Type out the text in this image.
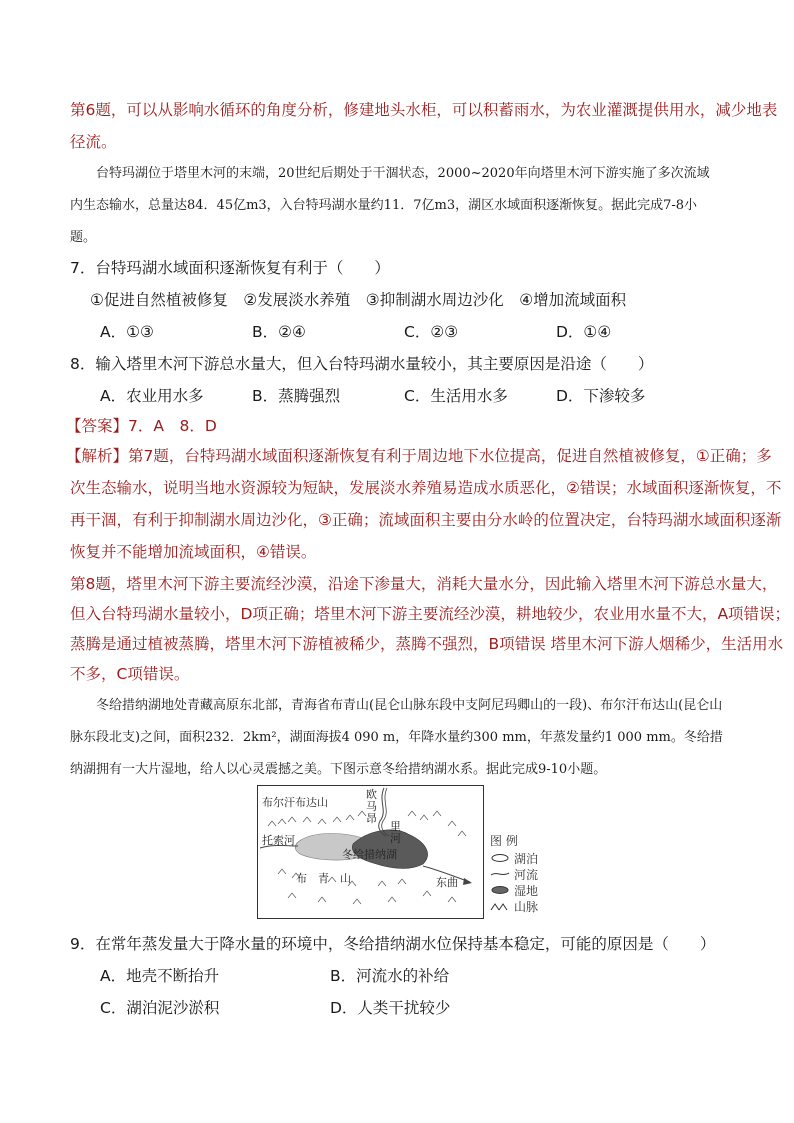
第6题，可以从影响水循环的角度分析，修建地头水柜，可以积蓄雨水，为农业灌溉提供用水，减少地表
径流。
台特玛湖位于塔里木河的末端，20世纪后期处于干涸状态，2000~2020年向塔里木河下游实施了多次流域内生态输水，总量达84．45亿m3，入台特玛湖水量约11．7亿m3，湖区水域面积逐渐恢复。据此完成7-8小题。
7．台特玛湖水域面积逐渐恢复有利于（　　）
①促进自然植被修复　②发展淡水养殖　③抑制湖水周边沙化　④增加流域面积
A．①③	B．②④	C．②③	D．①④
8．输入塔里木河下游总水量大，但入台特玛湖水量较小，其主要原因是沿途（　　）
A．农业用水多	B．蒸腾强烈	C．生活用水多	D．下渗较多
【答案】7．A　8．D
【解析】第7题，台特玛湖水域面积逐渐恢复有利于周边地下水位提高，促进自然植被修复，①正确；多
次生态输水，说明当地水资源较为短缺，发展淡水养殖易造成水质恶化，②错误；水域面积逐渐恢复，不
再干涸，有利于抑制湖水周边沙化，③正确；流域面积主要由分水岭的位置决定，台特玛湖水域面积逐渐
恢复并不能增加流域面积，④错误。
第8题，塔里木河下游主要流经沙漠，沿途下渗量大，消耗大量水分，因此输入塔里木河下游总水量大，
但入台特玛湖水量较小，D项正确；塔里木河下游主要流经沙漠，耕地较少，农业用水量不大，A项错误；
蒸腾是通过植被蒸腾，塔里木河下游植被稀少，蒸腾不强烈，B项错误 塔里木河下游人烟稀少，生活用水
不多，C项错误。
冬给措纳湖地处青藏高原东北部，青海省布青山(昆仑山脉东段中支阿尼玛卿山的一段)、布尔汗布达山(昆仑山脉东段北支)之间，面积232．2km²，湖面海拔4 090 m，年降水量约300 mm，年蒸发量约1 000 mm。冬给措纳湖拥有一大片湿地，给人以心灵震撼之美。下图示意冬给措纳湖水系。据此完成9-10小题。
布尔汗布达山
欧
马
昂
里
河
托索河
冬给措纳湖
布　青　山	东曲
图 例
湖泊
河流
湿地
山脉
9．在常年蒸发量大于降水量的环境中，冬给措纳湖水位保持基本稳定，可能的原因是（　　）
A．地壳不断抬升	B．河流水的补给
C．湖泊泥沙淤积	D．人类干扰较少
